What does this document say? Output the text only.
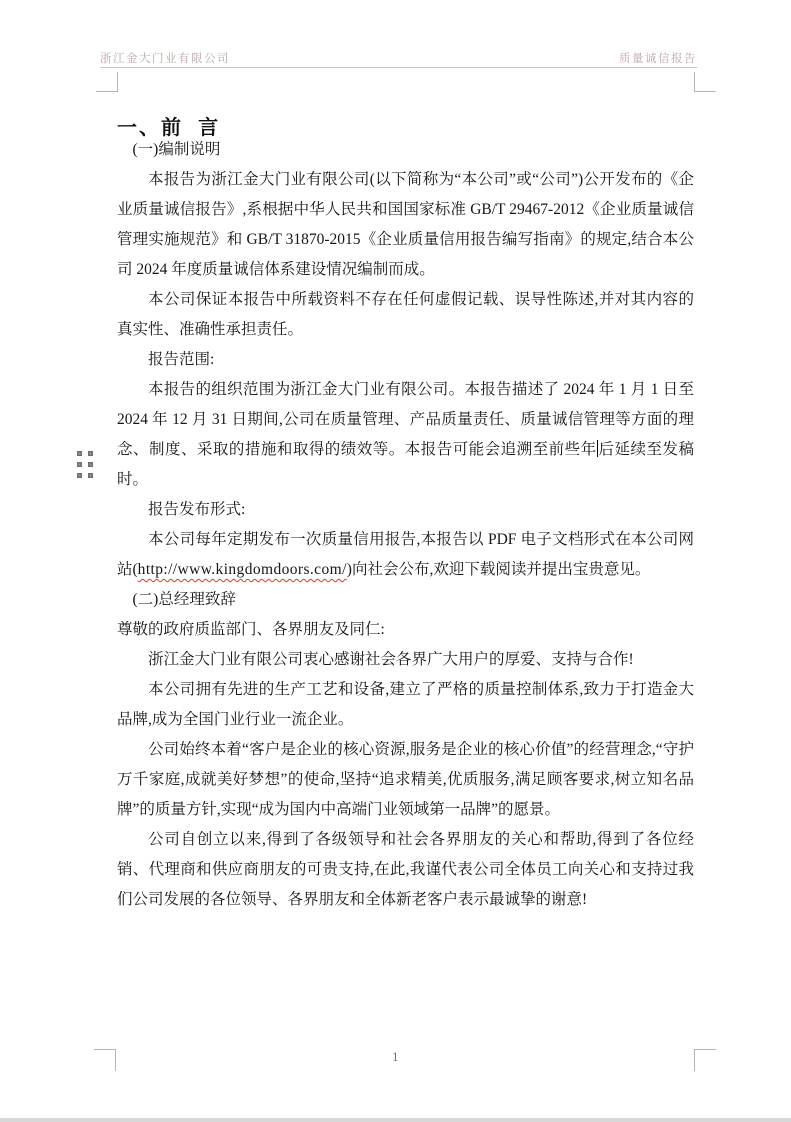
浙江金大门业有限公司	质量诚信报告
一、前  言

(一)编制说明

本报告为浙江金大门业有限公司(以下简称为“本公司”或“公司”)公开发布的《企业质量诚信报告》,系根据中华人民共和国国家标准 GB/T 29467-2012《企业质量诚信管理实施规范》和 GB/T 31870-2015《企业质量信用报告编写指南》的规定,结合本公司 2024 年度质量诚信体系建设情况编制而成。

本公司保证本报告中所载资料不存在任何虚假记载、误导性陈述,并对其内容的真实性、准确性承担责任。

报告范围:

本报告的组织范围为浙江金大门业有限公司。本报告描述了 2024 年 1 月 1 日至 2024 年 12 月 31 日期间,公司在质量管理、产品质量责任、质量诚信管理等方面的理念、制度、采取的措施和取得的绩效等。本报告可能会追溯至前些年后延续至发稿时。

报告发布形式:

本公司每年定期发布一次质量信用报告,本报告以 PDF 电子文档形式在本公司网站(http://www.kingdomdoors.com/)向社会公布,欢迎下载阅读并提出宝贵意见。

(二)总经理致辞

尊敬的政府质监部门、各界朋友及同仁:

浙江金大门业有限公司衷心感谢社会各界广大用户的厚爱、支持与合作!

本公司拥有先进的生产工艺和设备,建立了严格的质量控制体系,致力于打造金大品牌,成为全国门业行业一流企业。

公司始终本着“客户是企业的核心资源,服务是企业的核心价值”的经营理念,“守护万千家庭,成就美好梦想”的使命,坚持“追求精美,优质服务,满足顾客要求,树立知名品牌”的质量方针,实现“成为国内中高端门业领域第一品牌”的愿景。

公司自创立以来,得到了各级领导和社会各界朋友的关心和帮助,得到了各位经销、代理商和供应商朋友的可贵支持,在此,我谨代表公司全体员工向关心和支持过我们公司发展的各位领导、各界朋友和全体新老客户表示最诚挚的谢意!

1
